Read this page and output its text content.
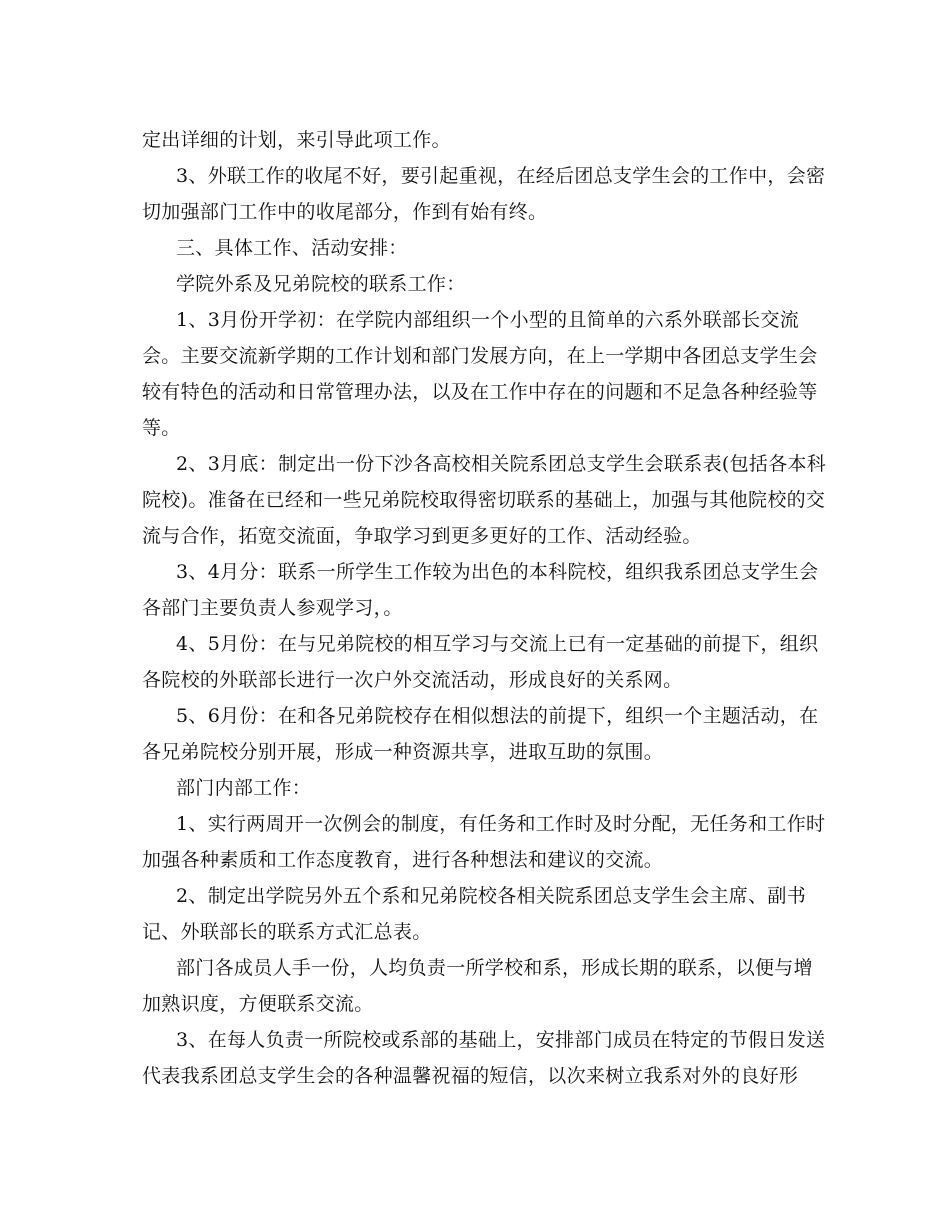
定出详细的计划，来引导此项工作。
3、外联工作的收尾不好，要引起重视，在经后团总支学生会的工作中，会密
切加强部门工作中的收尾部分，作到有始有终。
三、具体工作、活动安排：
学院外系及兄弟院校的联系工作：
1、3月份开学初：在学院内部组织一个小型的且简单的六系外联部长交流
会。主要交流新学期的工作计划和部门发展方向，在上一学期中各团总支学生会
较有特色的活动和日常管理办法，以及在工作中存在的问题和不足急各种经验等
等。
2、3月底：制定出一份下沙各高校相关院系团总支学生会联系表(包括各本科
院校)。准备在已经和一些兄弟院校取得密切联系的基础上，加强与其他院校的交
流与合作，拓宽交流面，争取学习到更多更好的工作、活动经验。
3、4月分：联系一所学生工作较为出色的本科院校，组织我系团总支学生会
各部门主要负责人参观学习，。
4、5月份：在与兄弟院校的相互学习与交流上已有一定基础的前提下，组织
各院校的外联部长进行一次户外交流活动，形成良好的关系网。
5、6月份：在和各兄弟院校存在相似想法的前提下，组织一个主题活动，在
各兄弟院校分别开展，形成一种资源共享，进取互助的氛围。
部门内部工作：
1、实行两周开一次例会的制度，有任务和工作时及时分配，无任务和工作时
加强各种素质和工作态度教育，进行各种想法和建议的交流。
2、制定出学院另外五个系和兄弟院校各相关院系团总支学生会主席、副书
记、外联部长的联系方式汇总表。
部门各成员人手一份，人均负责一所学校和系，形成长期的联系，以便与增
加熟识度，方便联系交流。
3、在每人负责一所院校或系部的基础上，安排部门成员在特定的节假日发送
代表我系团总支学生会的各种温馨祝福的短信，以次来树立我系对外的良好形
